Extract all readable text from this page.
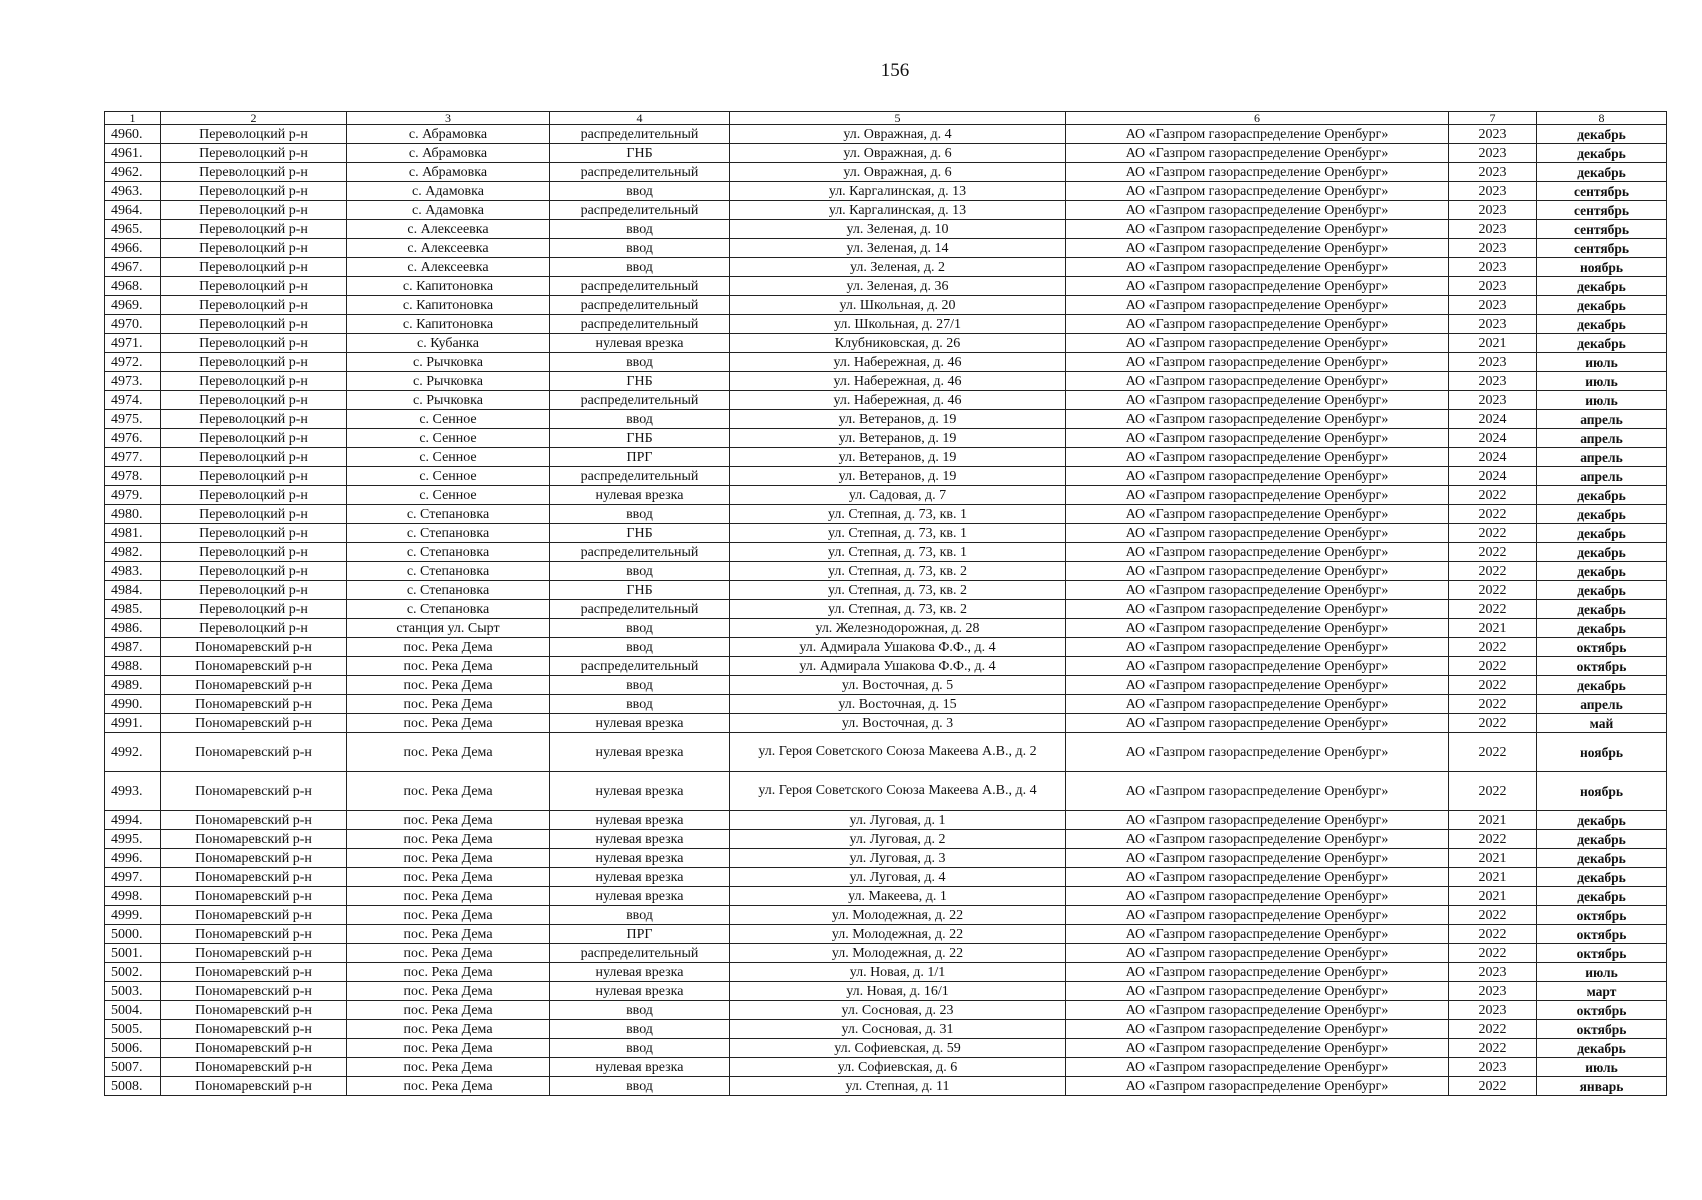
156
1	2	3	4	5	6	7	8
4960.	Переволоцкий р-н	с. Абрамовка	распределительный	ул. Овражная, д. 4	АО «Газпром газораспределение Оренбург»	2023	декабрь
4961.	Переволоцкий р-н	с. Абрамовка	ГНБ	ул. Овражная, д. 6	АО «Газпром газораспределение Оренбург»	2023	декабрь
4962.	Переволоцкий р-н	с. Абрамовка	распределительный	ул. Овражная, д. 6	АО «Газпром газораспределение Оренбург»	2023	декабрь
4963.	Переволоцкий р-н	с. Адамовка	ввод	ул. Каргалинская, д. 13	АО «Газпром газораспределение Оренбург»	2023	сентябрь
4964.	Переволоцкий р-н	с. Адамовка	распределительный	ул. Каргалинская, д. 13	АО «Газпром газораспределение Оренбург»	2023	сентябрь
4965.	Переволоцкий р-н	с. Алексеевка	ввод	ул. Зеленая, д. 10	АО «Газпром газораспределение Оренбург»	2023	сентябрь
4966.	Переволоцкий р-н	с. Алексеевка	ввод	ул. Зеленая, д. 14	АО «Газпром газораспределение Оренбург»	2023	сентябрь
4967.	Переволоцкий р-н	с. Алексеевка	ввод	ул. Зеленая, д. 2	АО «Газпром газораспределение Оренбург»	2023	ноябрь
4968.	Переволоцкий р-н	с. Капитоновка	распределительный	ул. Зеленая, д. 36	АО «Газпром газораспределение Оренбург»	2023	декабрь
4969.	Переволоцкий р-н	с. Капитоновка	распределительный	ул. Школьная, д. 20	АО «Газпром газораспределение Оренбург»	2023	декабрь
4970.	Переволоцкий р-н	с. Капитоновка	распределительный	ул. Школьная, д. 27/1	АО «Газпром газораспределение Оренбург»	2023	декабрь
4971.	Переволоцкий р-н	с. Кубанка	нулевая врезка	Клубниковская, д. 26	АО «Газпром газораспределение Оренбург»	2021	декабрь
4972.	Переволоцкий р-н	с. Рычковка	ввод	ул. Набережная, д. 46	АО «Газпром газораспределение Оренбург»	2023	июль
4973.	Переволоцкий р-н	с. Рычковка	ГНБ	ул. Набережная, д. 46	АО «Газпром газораспределение Оренбург»	2023	июль
4974.	Переволоцкий р-н	с. Рычковка	распределительный	ул. Набережная, д. 46	АО «Газпром газораспределение Оренбург»	2023	июль
4975.	Переволоцкий р-н	с. Сенное	ввод	ул. Ветеранов, д. 19	АО «Газпром газораспределение Оренбург»	2024	апрель
4976.	Переволоцкий р-н	с. Сенное	ГНБ	ул. Ветеранов, д. 19	АО «Газпром газораспределение Оренбург»	2024	апрель
4977.	Переволоцкий р-н	с. Сенное	ПРГ	ул. Ветеранов, д. 19	АО «Газпром газораспределение Оренбург»	2024	апрель
4978.	Переволоцкий р-н	с. Сенное	распределительный	ул. Ветеранов, д. 19	АО «Газпром газораспределение Оренбург»	2024	апрель
4979.	Переволоцкий р-н	с. Сенное	нулевая врезка	ул. Садовая, д. 7	АО «Газпром газораспределение Оренбург»	2022	декабрь
4980.	Переволоцкий р-н	с. Степановка	ввод	ул. Степная, д. 73, кв. 1	АО «Газпром газораспределение Оренбург»	2022	декабрь
4981.	Переволоцкий р-н	с. Степановка	ГНБ	ул. Степная, д. 73, кв. 1	АО «Газпром газораспределение Оренбург»	2022	декабрь
4982.	Переволоцкий р-н	с. Степановка	распределительный	ул. Степная, д. 73, кв. 1	АО «Газпром газораспределение Оренбург»	2022	декабрь
4983.	Переволоцкий р-н	с. Степановка	ввод	ул. Степная, д. 73, кв. 2	АО «Газпром газораспределение Оренбург»	2022	декабрь
4984.	Переволоцкий р-н	с. Степановка	ГНБ	ул. Степная, д. 73, кв. 2	АО «Газпром газораспределение Оренбург»	2022	декабрь
4985.	Переволоцкий р-н	с. Степановка	распределительный	ул. Степная, д. 73, кв. 2	АО «Газпром газораспределение Оренбург»	2022	декабрь
4986.	Переволоцкий р-н	станция ул. Сырт	ввод	ул. Железнодорожная, д. 28	АО «Газпром газораспределение Оренбург»	2021	декабрь
4987.	Пономаревский р-н	пос. Река Дема	ввод	ул. Адмирала Ушакова Ф.Ф., д. 4	АО «Газпром газораспределение Оренбург»	2022	октябрь
4988.	Пономаревский р-н	пос. Река Дема	распределительный	ул. Адмирала Ушакова Ф.Ф., д. 4	АО «Газпром газораспределение Оренбург»	2022	октябрь
4989.	Пономаревский р-н	пос. Река Дема	ввод	ул. Восточная, д. 5	АО «Газпром газораспределение Оренбург»	2022	декабрь
4990.	Пономаревский р-н	пос. Река Дема	ввод	ул. Восточная, д. 15	АО «Газпром газораспределение Оренбург»	2022	апрель
4991.	Пономаревский р-н	пос. Река Дема	нулевая врезка	ул. Восточная, д. 3	АО «Газпром газораспределение Оренбург»	2022	май
4992.	Пономаревский р-н	пос. Река Дема	нулевая врезка	ул. Героя Советского Союза Макеева А.В., д. 2	АО «Газпром газораспределение Оренбург»	2022	ноябрь
4993.	Пономаревский р-н	пос. Река Дема	нулевая врезка	ул. Героя Советского Союза Макеева А.В., д. 4	АО «Газпром газораспределение Оренбург»	2022	ноябрь
4994.	Пономаревский р-н	пос. Река Дема	нулевая врезка	ул. Луговая, д. 1	АО «Газпром газораспределение Оренбург»	2021	декабрь
4995.	Пономаревский р-н	пос. Река Дема	нулевая врезка	ул. Луговая, д. 2	АО «Газпром газораспределение Оренбург»	2022	декабрь
4996.	Пономаревский р-н	пос. Река Дема	нулевая врезка	ул. Луговая, д. 3	АО «Газпром газораспределение Оренбург»	2021	декабрь
4997.	Пономаревский р-н	пос. Река Дема	нулевая врезка	ул. Луговая, д. 4	АО «Газпром газораспределение Оренбург»	2021	декабрь
4998.	Пономаревский р-н	пос. Река Дема	нулевая врезка	ул. Макеева, д. 1	АО «Газпром газораспределение Оренбург»	2021	декабрь
4999.	Пономаревский р-н	пос. Река Дема	ввод	ул. Молодежная, д. 22	АО «Газпром газораспределение Оренбург»	2022	октябрь
5000.	Пономаревский р-н	пос. Река Дема	ПРГ	ул. Молодежная, д. 22	АО «Газпром газораспределение Оренбург»	2022	октябрь
5001.	Пономаревский р-н	пос. Река Дема	распределительный	ул. Молодежная, д. 22	АО «Газпром газораспределение Оренбург»	2022	октябрь
5002.	Пономаревский р-н	пос. Река Дема	нулевая врезка	ул. Новая, д. 1/1	АО «Газпром газораспределение Оренбург»	2023	июль
5003.	Пономаревский р-н	пос. Река Дема	нулевая врезка	ул. Новая, д. 16/1	АО «Газпром газораспределение Оренбург»	2023	март
5004.	Пономаревский р-н	пос. Река Дема	ввод	ул. Сосновая, д. 23	АО «Газпром газораспределение Оренбург»	2023	октябрь
5005.	Пономаревский р-н	пос. Река Дема	ввод	ул. Сосновая, д. 31	АО «Газпром газораспределение Оренбург»	2022	октябрь
5006.	Пономаревский р-н	пос. Река Дема	ввод	ул. Софиевская, д. 59	АО «Газпром газораспределение Оренбург»	2022	декабрь
5007.	Пономаревский р-н	пос. Река Дема	нулевая врезка	ул. Софиевская, д. 6	АО «Газпром газораспределение Оренбург»	2023	июль
5008.	Пономаревский р-н	пос. Река Дема	ввод	ул. Степная, д. 11	АО «Газпром газораспределение Оренбург»	2022	январь
